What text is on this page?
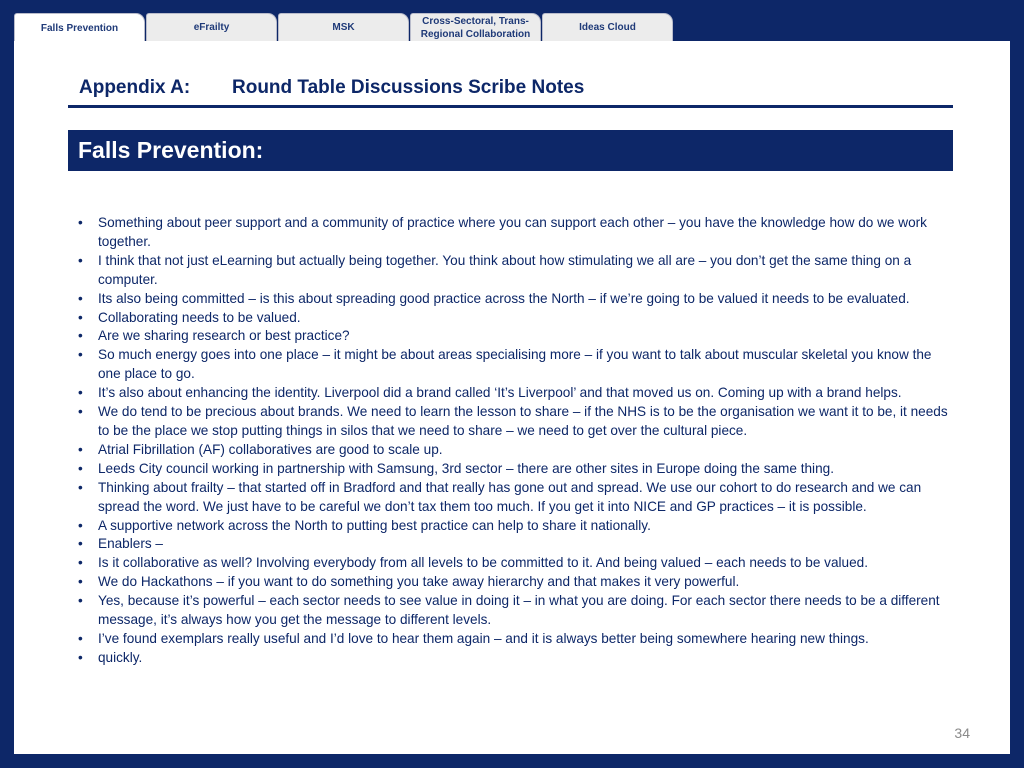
Falls Prevention	eFrailty	MSK
Cross-Sectoral, Trans-Regional Collaboration
Ideas Cloud
Appendix A: Round Table Discussions Scribe Notes
Falls Prevention:
• Something about peer support and a community of practice where you can support each other – you have the knowledge how do we work together.
• I think that not just eLearning but actually being together. You think about how stimulating we all are – you don’t get the same thing on a computer.
• Its also being committed – is this about spreading good practice across the North – if we’re going to be valued it needs to be evaluated.
• Collaborating needs to be valued.
• Are we sharing research or best practice?
• So much energy goes into one place – it might be about areas specialising more – if you want to talk about muscular skeletal you know the one place to go.
• It’s also about enhancing the identity. Liverpool did a brand called ‘It’s Liverpool’ and that moved us on. Coming up with a brand helps.
• We do tend to be precious about brands. We need to learn the lesson to share – if the NHS is to be the organisation we want it to be, it needs to be the place we stop putting things in silos that we need to share – we need to get over the cultural piece.
• Atrial Fibrillation (AF) collaboratives are good to scale up.
• Leeds City council working in partnership with Samsung, 3rd sector – there are other sites in Europe doing the same thing.
• Thinking about frailty – that started off in Bradford and that really has gone out and spread. We use our cohort to do research and we can spread the word. We just have to be careful we don’t tax them too much. If you get it into NICE and GP practices – it is possible.
• A supportive network across the North to putting best practice can help to share it nationally.
• Enablers –
• Is it collaborative as well? Involving everybody from all levels to be committed to it. And being valued – each needs to be valued.
• We do Hackathons – if you want to do something you take away hierarchy and that makes it very powerful.
• Yes, because it’s powerful – each sector needs to see value in doing it – in what you are doing. For each sector there needs to be a different message, it’s always how you get the message to different levels.
• I’ve found exemplars really useful and I’d love to hear them again – and it is always better being somewhere hearing new things.
• quickly.
34
